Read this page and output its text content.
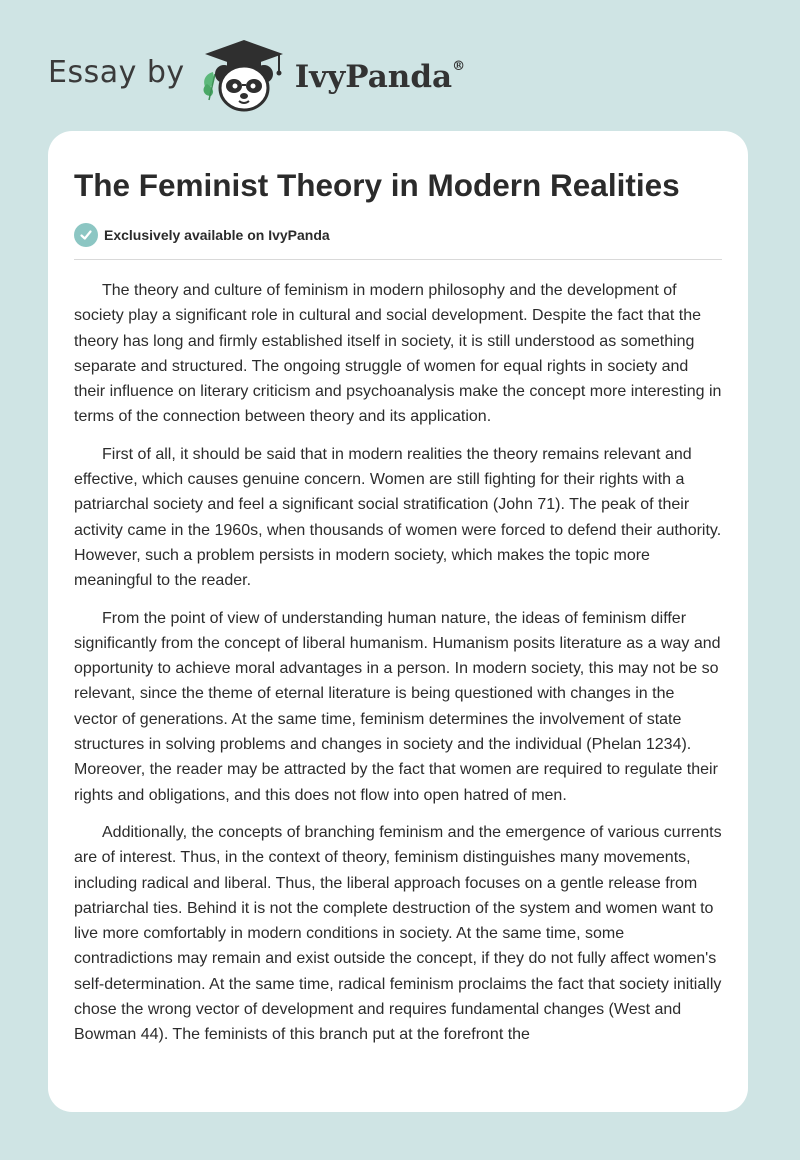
Essay by	IvyPanda®
The Feminist Theory in Modern Realities
Exclusively available on IvyPanda

The theory and culture of feminism in modern philosophy and the development of society play a significant role in cultural and social development. Despite the fact that the theory has long and firmly established itself in society, it is still understood as something separate and structured. The ongoing struggle of women for equal rights in society and their influence on literary criticism and psychoanalysis make the concept more interesting in terms of the connection between theory and its application.

First of all, it should be said that in modern realities the theory remains relevant and effective, which causes genuine concern. Women are still fighting for their rights with a patriarchal society and feel a significant social stratification (John 71). The peak of their activity came in the 1960s, when thousands of women were forced to defend their authority. However, such a problem persists in modern society, which makes the topic more meaningful to the reader.

From the point of view of understanding human nature, the ideas of feminism differ significantly from the concept of liberal humanism. Humanism posits literature as a way and opportunity to achieve moral advantages in a person. In modern society, this may not be so relevant, since the theme of eternal literature is being questioned with changes in the vector of generations. At the same time, feminism determines the involvement of state structures in solving problems and changes in society and the individual (Phelan 1234). Moreover, the reader may be attracted by the fact that women are required to regulate their rights and obligations, and this does not flow into open hatred of men.

Additionally, the concepts of branching feminism and the emergence of various currents are of interest. Thus, in the context of theory, feminism distinguishes many movements, including radical and liberal. Thus, the liberal approach focuses on a gentle release from patriarchal ties. Behind it is not the complete destruction of the system and women want to live more comfortably in modern conditions in society. At the same time, some contradictions may remain and exist outside the concept, if they do not fully affect women's self-determination. At the same time, radical feminism proclaims the fact that society initially chose the wrong vector of development and requires fundamental changes (West and Bowman 44). The feminists of this branch put at the forefront the
